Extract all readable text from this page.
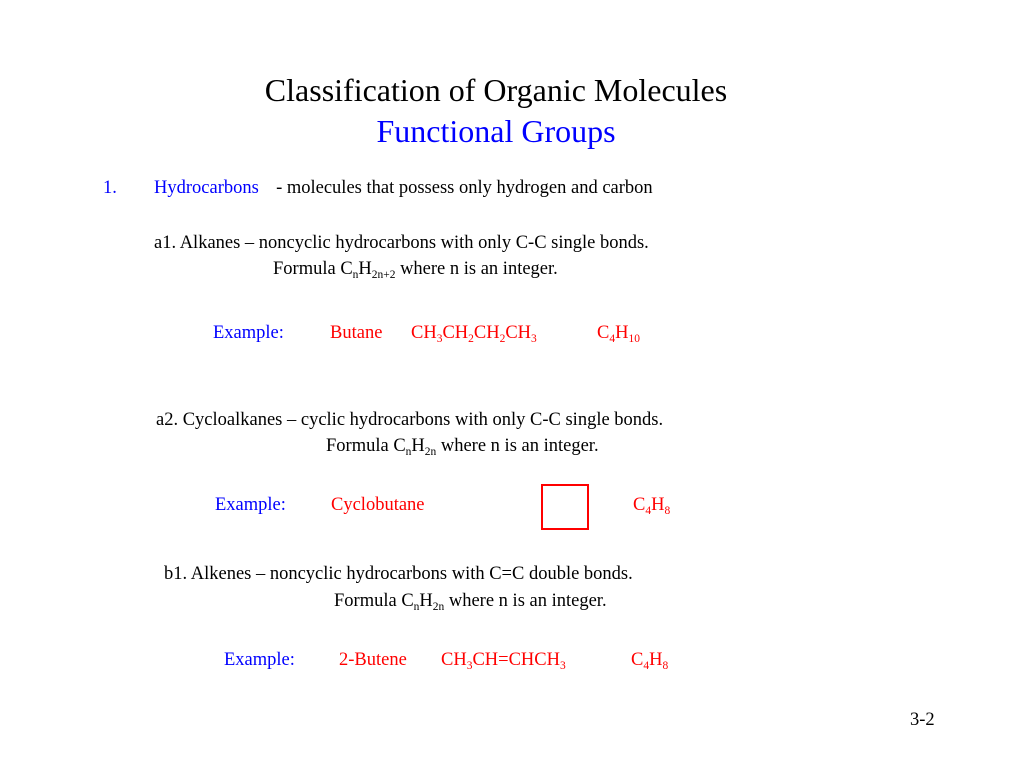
Classification of Organic Molecules
Functional Groups
1. Hydrocarbons - molecules that possess only hydrogen and carbon
a1. Alkanes – noncyclic hydrocarbons with only C-C single bonds.
Formula $C_nH_{2n+2}$ where n is an integer.
Example: Butane $CH_3CH_2CH_2CH_3$	$C_4H_{10}$
a2. Cycloalkanes – cyclic hydrocarbons with only C-C single bonds.
Formula $C_nH_{2n}$ where n is an integer.
Example: Cyclobutane	$C_4H_8$
b1. Alkenes – noncyclic hydrocarbons with C=C double bonds.
Formula $C_nH_{2n}$ where n is an integer.
Example: 2-Butene $CH_3CH=CHCH_3$	$C_4H_8$
3-2
